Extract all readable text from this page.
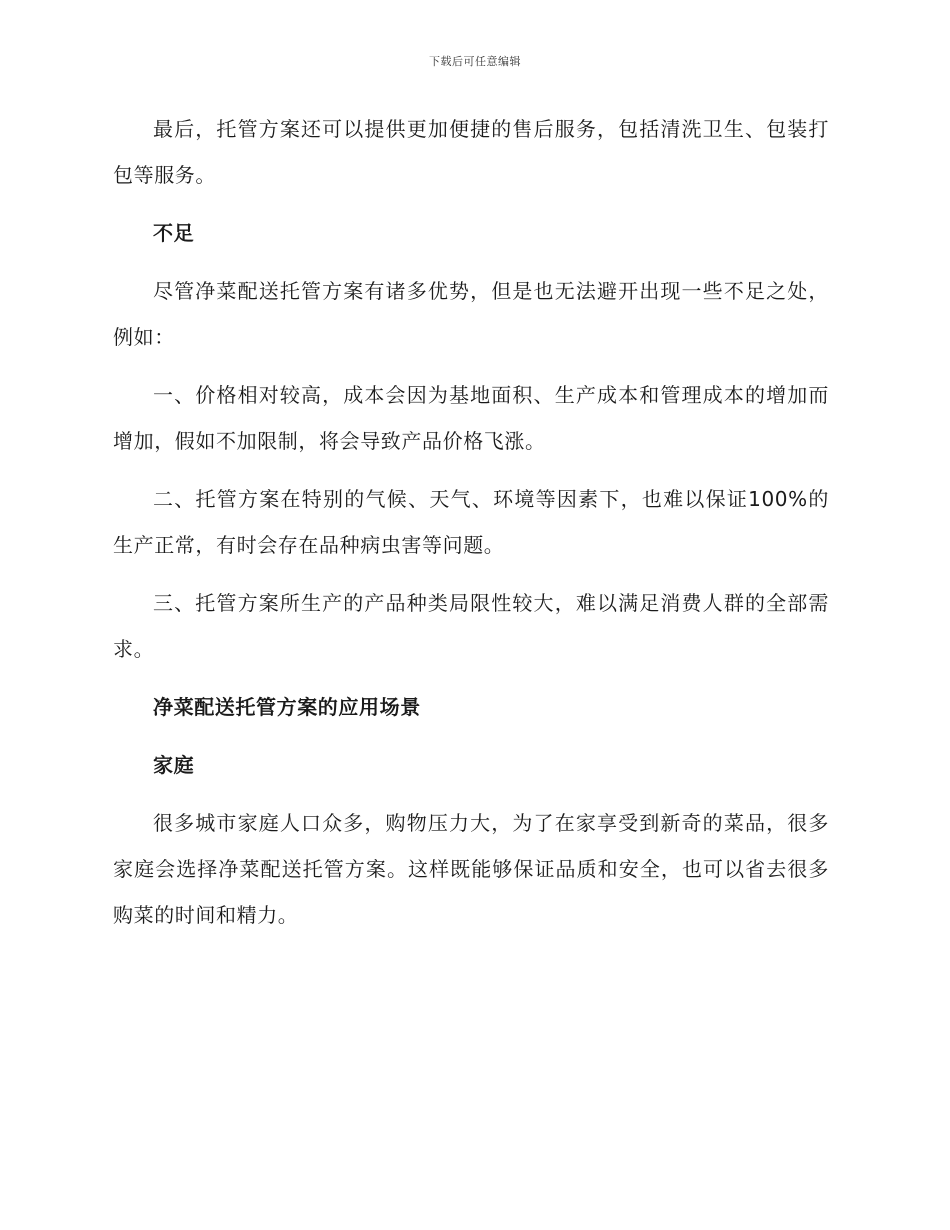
下载后可任意编辑

最后，托管方案还可以提供更加便捷的售后服务，包括清洗卫生、包装打包等服务。

不足

尽管净菜配送托管方案有诸多优势，但是也无法避开出现一些不足之处，例如：

一、价格相对较高，成本会因为基地面积、生产成本和管理成本的增加而增加，假如不加限制，将会导致产品价格飞涨。

二、托管方案在特别的气候、天气、环境等因素下，也难以保证100%的生产正常，有时会存在品种病虫害等问题。

三、托管方案所生产的产品种类局限性较大，难以满足消费人群的全部需求。

净菜配送托管方案的应用场景

家庭

很多城市家庭人口众多，购物压力大，为了在家享受到新奇的菜品，很多家庭会选择净菜配送托管方案。这样既能够保证品质和安全，也可以省去很多购菜的时间和精力。
